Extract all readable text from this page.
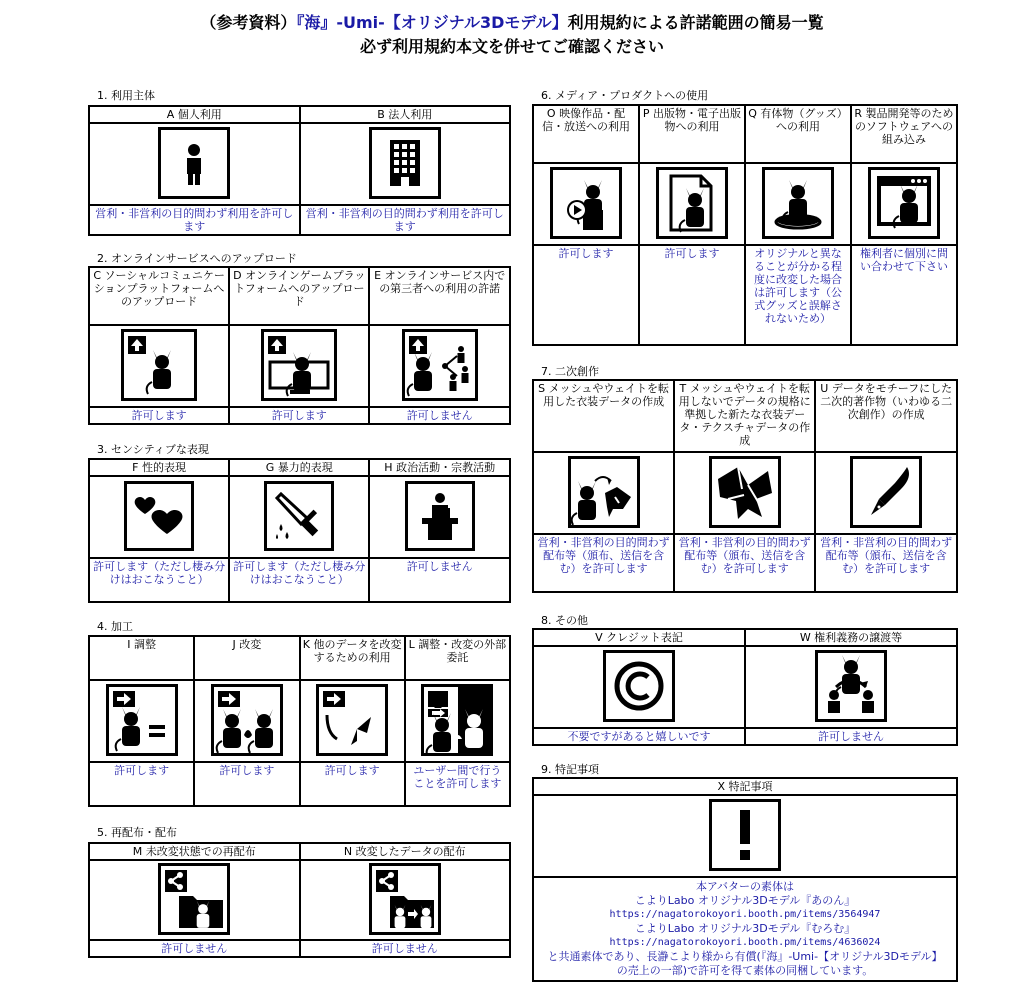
（参考資料）『海』-Umi-【オリジナル3Dモデル】利用規約による許諾範囲の簡易一覧
必ず利用規約本文を併せてご確認ください
1. 利用主体
A 個人利用	B 法人利用

営利・非営利の目的問わず利用を許可します	営利・非営利の目的問わず利用を許可します
2. オンラインサービスへのアップロード
C ソーシャルコミュニケーションプラットフォームへのアップロード	D オンラインゲームプラットフォームへのアップロード	E オンラインサービス内での第三者への利用の許諾

許可します	許可します	許可しません
3. センシティブな表現
F 性的表現	G 暴力的表現	H 政治活動・宗教活動

許可します（ただし棲み分けはおこなうこと）	許可します（ただし棲み分けはおこなうこと）	許可しません
4. 加工
I 調整	J 改変	K 他のデータを改変するための利用	L 調整・改変の外部委託

許可します	許可します	許可します	ユーザー間で行うことを許可します
5. 再配布・配布
M 未改変状態での再配布	N 改変したデータの配布

許可しません	許可しません
6. メディア・プロダクトへの使用
O 映像作品・配信・放送への利用	P 出版物・電子出版物への利用	Q 有体物（グッズ）への利用	R 製品開発等のためのソフトウェアへの組み込み

許可します	許可します	オリジナルと異なることが分かる程度に改変した場合は許可します（公式グッズと誤解されないため）	権利者に個別に問い合わせて下さい
7. 二次創作
S メッシュやウェイトを転用した衣装データの作成	T メッシュやウェイトを転用しないでデータの規格に準拠した新たな衣装データ・テクスチャデータの作成	U データをモチーフにした二次的著作物（いわゆる二次創作）の作成

営利・非営利の目的問わず配布等（頒布、送信を含む）を許可します	営利・非営利の目的問わず配布等（頒布、送信を含む）を許可します	営利・非営利の目的問わず配布等（頒布、送信を含む）を許可します
8. その他
V クレジット表記	W 権利義務の譲渡等

不要ですがあると嬉しいです	許可しません
9. 特記事項
X 特記事項

本アバターの素体は
こよりLabo オリジナル3Dモデル『あのん』
https://nagatorokoyori.booth.pm/items/3564947
こよりLabo オリジナル3Dモデル『むろむ』
https://nagatorokoyori.booth.pm/items/4636024
と共通素体であり、長瀞こより様から有償(『海』-Umi-【オリジナル3Dモデル】
の売上の一部)で許可を得て素体の同梱しています。
